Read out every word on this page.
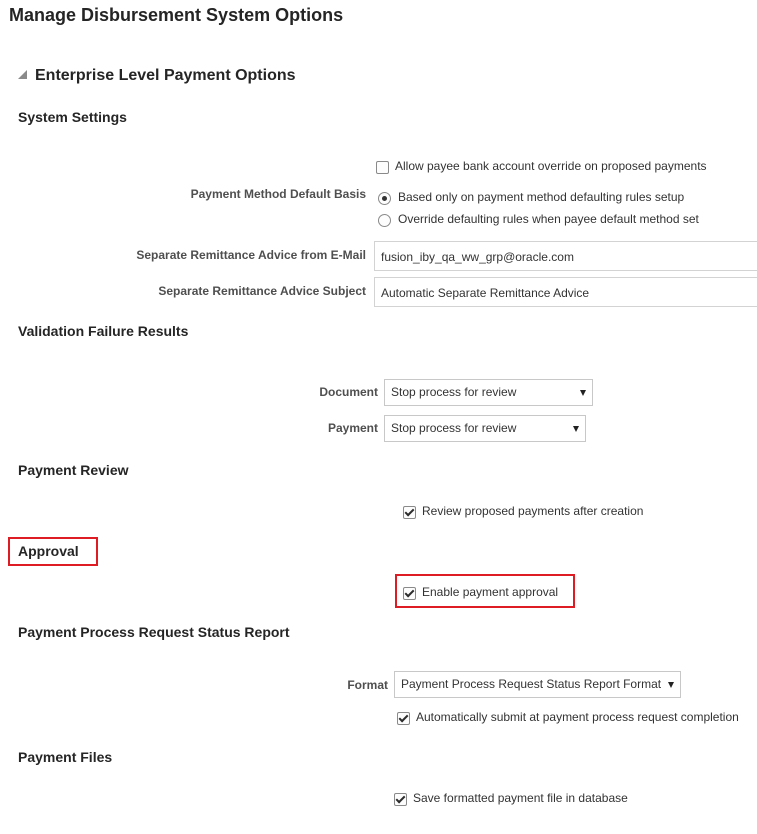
Manage Disbursement System Options
Enterprise Level Payment Options
System Settings
Allow payee bank account override on proposed payments
Payment Method Default Basis	Based only on payment method defaulting rules setup
Override defaulting rules when payee default method set
Separate Remittance Advice from E-Mail	fusion_iby_qa_ww_grp@oracle.com
Separate Remittance Advice Subject	Automatic Separate Remittance Advice
Validation Failure Results
Document	Stop process for review
Payment	Stop process for review
Payment Review
Review proposed payments after creation
Approval
Enable payment approval
Payment Process Request Status Report
Format	Payment Process Request Status Report Format
Automatically submit at payment process request completion
Payment Files
Save formatted payment file in database
